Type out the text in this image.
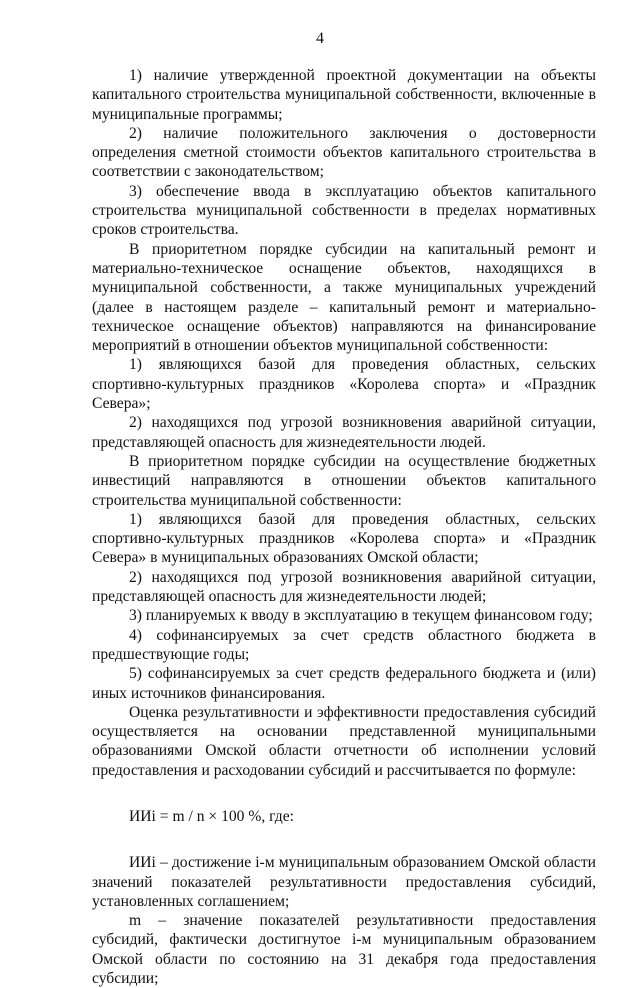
4

1) наличие утвержденной проектной документации на объекты капитального строительства муниципальной собственности, включенные в муниципальные программы;

2) наличие положительного заключения о достоверности определения сметной стоимости объектов капитального строительства в соответствии с законодательством;

3) обеспечение ввода в эксплуатацию объектов капитального строительства муниципальной собственности в пределах нормативных сроков строительства.

В приоритетном порядке субсидии на капитальный ремонт и материально-техническое оснащение объектов, находящихся в муниципальной собственности, а также муниципальных учреждений (далее в настоящем разделе – капитальный ремонт и материально-техническое оснащение объектов) направляются на финансирование мероприятий в отношении объектов муниципальной собственности:

1) являющихся базой для проведения областных, сельских спортивно-культурных праздников «Королева спорта» и «Праздник Севера»;

2) находящихся под угрозой возникновения аварийной ситуации, представляющей опасность для жизнедеятельности людей.

В приоритетном порядке субсидии на осуществление бюджетных инвестиций направляются в отношении объектов капитального строительства муниципальной собственности:

1) являющихся базой для проведения областных, сельских спортивно-культурных праздников «Королева спорта» и «Праздник Севера» в муниципальных образованиях Омской области;

2) находящихся под угрозой возникновения аварийной ситуации, представляющей опасность для жизнедеятельности людей;

3) планируемых к вводу в эксплуатацию в текущем финансовом году;

4) софинансируемых за счет средств областного бюджета в предшествующие годы;

5) софинансируемых за счет средств федерального бюджета и (или) иных источников финансирования.

Оценка результативности и эффективности предоставления субсидий осуществляется на основании представленной муниципальными образованиями Омской области отчетности об исполнении условий предоставления и расходовании субсидий и рассчитывается по формуле:

ИИi = m / n × 100 %, где:

ИИi – достижение i-м муниципальным образованием Омской области значений показателей результативности предоставления субсидий, установленных соглашением;

m – значение показателей результативности предоставления субсидий, фактически достигнутое i-м муниципальным образованием Омской области по состоянию на 31 декабря года предоставления субсидии;
